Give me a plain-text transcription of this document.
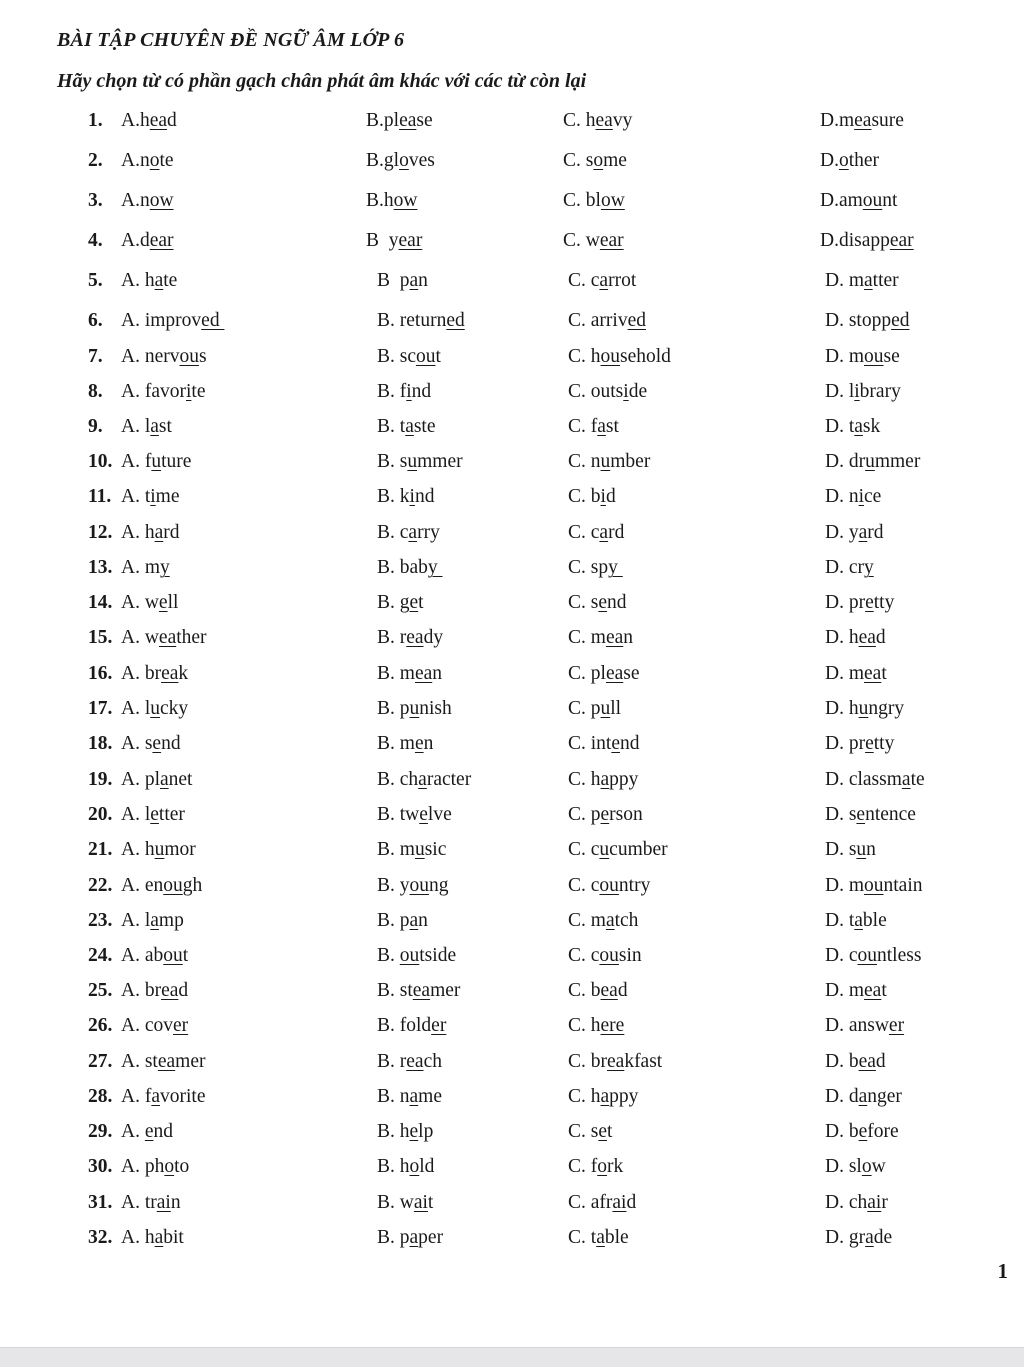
BÀI TẬP CHUYÊN ĐỀ NGỮ ÂM LỚP 6

Hãy chọn từ có phần gạch chân phát âm khác với các từ còn lại

1. A.head	B.please	C. heavy	D.measure
2. A.note	B.gloves	C. some	D.other
3. A.now	B.how	C. blow	D.amount
4. A.dear	B  year	C. wear	D.disappear
5. A. hate	B  pan	C. carrot	D. matter
6. A. improved	B. returned	C. arrived	D. stopped
7. A. nervous	B. scout	C. household	D. mouse
8. A. favorite	B. find	C. outside	D. library
9. A. last	B. taste	C. fast	D. task
10. A. future	B. summer	C. number	D. drummer
11. A. time	B. kind	C. bid	D. nice
12. A. hard	B. carry	C. card	D. yard
13. A. my	B. baby	C. spy	D. cry
14. A. well	B. get	C. send	D. pretty
15. A. weather	B. ready	C. mean	D. head
16. A. break	B. mean	C. please	D. meat
17. A. lucky	B. punish	C. pull	D. hungry
18. A. send	B. men	C. intend	D. pretty
19. A. planet	B. character	C. happy	D. classmate
20. A. letter	B. twelve	C. person	D. sentence
21. A. humor	B. music	C. cucumber	D. sun
22. A. enough	B. young	C. country	D. mountain
23. A. lamp	B. pan	C. match	D. table
24. A. about	B. outside	C. cousin	D. countless
25. A. bread	B. steamer	C. bead	D. meat
26. A. cover	B. folder	C. here	D. answer
27. A. steamer	B. reach	C. breakfast	D. bead
28. A. favorite	B. name	C. happy	D. danger
29. A. end	B. help	C. set	D. before
30. A. photo	B. hold	C. fork	D. slow
31. A. train	B. wait	C. afraid	D. chair
32. A. habit	B. paper	C. table	D. grade
1
